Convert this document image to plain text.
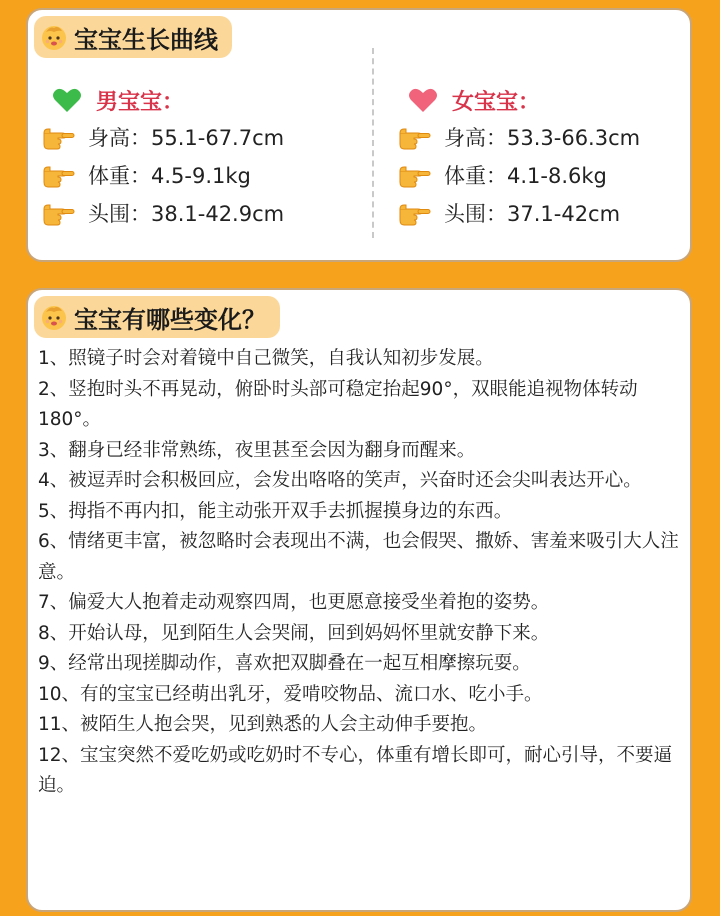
宝宝生长曲线
男宝宝：
身高：55.1-67.7cm
体重：4.5-9.1kg
头围：38.1-42.9cm
女宝宝：
身高：53.3-66.3cm
体重：4.1-8.6kg
头围：37.1-42cm
宝宝有哪些变化？

1、照镜子时会对着镜中自己微笑，自我认知初步发展。

2、竖抱时头不再晃动，俯卧时头部可稳定抬起90°，双眼能追视物体转动180°。

3、翻身已经非常熟练，夜里甚至会因为翻身而醒来。

4、被逗弄时会积极回应，会发出咯咯的笑声，兴奋时还会尖叫表达开心。

5、拇指不再内扣，能主动张开双手去抓握摸身边的东西。

6、情绪更丰富，被忽略时会表现出不满，也会假哭、撒娇、害羞来吸引大人注意。

7、偏爱大人抱着走动观察四周，也更愿意接受坐着抱的姿势。

8、开始认母，见到陌生人会哭闹，回到妈妈怀里就安静下来。

9、经常出现搓脚动作，喜欢把双脚叠在一起互相摩擦玩耍。

10、有的宝宝已经萌出乳牙，爱啃咬物品、流口水、吃小手。

11、被陌生人抱会哭，见到熟悉的人会主动伸手要抱。

12、宝宝突然不爱吃奶或吃奶时不专心，体重有增长即可，耐心引导，不要逼迫。
